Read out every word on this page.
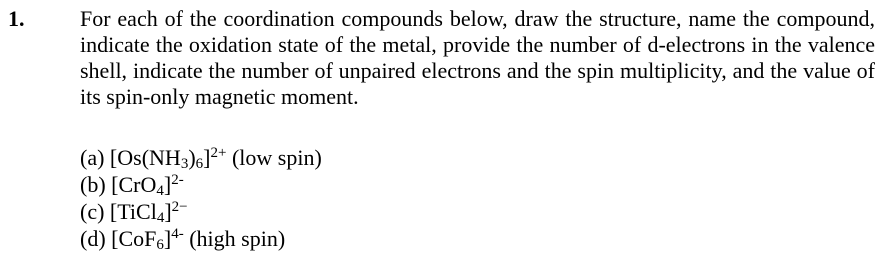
1.	For each of the coordination compounds below, draw the structure, name the compound, indicate the oxidation state of the metal, provide the number of d-electrons in the valence shell, indicate the number of unpaired electrons and the spin multiplicity, and the value of its spin-only magnetic moment.
(a) $[Os(NH_3)_6]^{2+}$ (low spin)
(b) $[CrO_4]^{2-}$
(c) [TiCl$_4$]$^{2-}$
(d) $[CoF_6]^{4-}$ (high spin)
